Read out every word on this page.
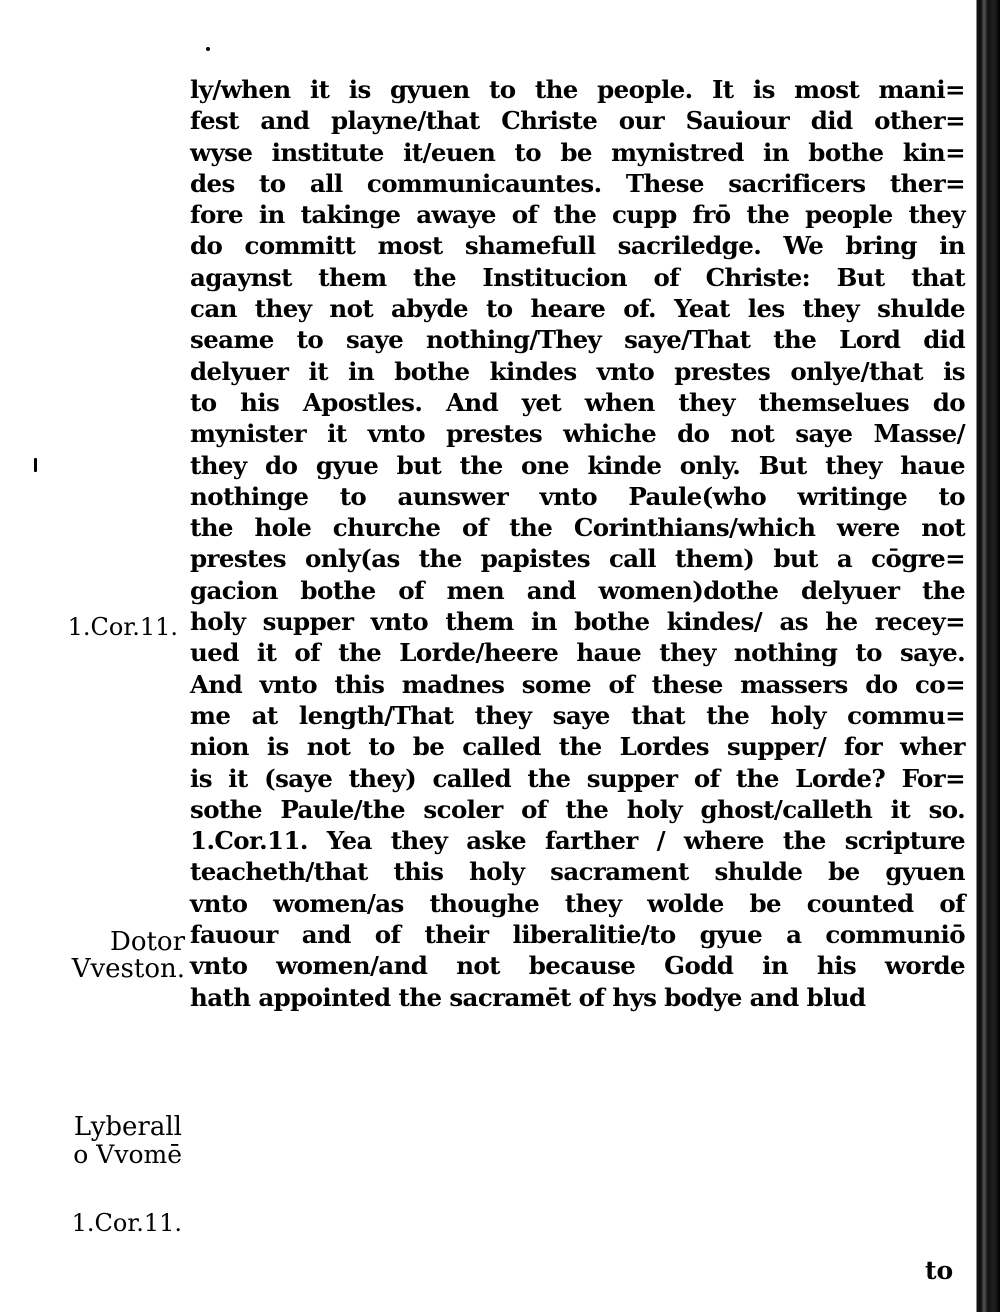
ly/when it is gyuen to the people. It is most mani=
fest and playne/that Christe our Sauiour did other=
wyse institute it/euen to be mynistred in bothe kin=
des to all communicauntes. These sacrificers ther=
fore in takinge awaye of the cupp frō the people they
do committ most shamefull sacriledge. We bring in
agaynst them the Institucion of Christe: But that
can they not abyde to heare of. Yeat les they shulde
seame to saye nothing/They saye/That the Lord did
delyuer it in bothe kindes vnto prestes onlye/that is
to his Apostles. And yet when they themselues do
mynister it vnto prestes whiche do not saye Masse/
they do gyue but the one kinde only. But they haue
nothinge to aunswer vnto Paule(who writinge to
the hole churche of the Corinthians/which were not
prestes only(as the papistes call them) but a cōgre=
gacion bothe of men and women)dothe delyuer the
holy supper vnto them in bothe kindes/ as he recey=
ued it of the Lorde/heere haue they nothing to saye.
And vnto this madnes some of these massers do co=
me at length/That they saye that the holy commu=
nion is not to be called the Lordes supper/ for wher
is it (saye they) called the supper of the Lorde? For=
sothe Paule/the scoler of the holy ghost/calleth it so.
1.Cor.11. Yea they aske farther / where the scripture
teacheth/that this holy sacrament shulde be gyuen
vnto women/as thoughe they wolde be counted of
fauour and of their liberalitie/to gyue a communiō
vnto women/and not because Godd in his worde
hath appointed the sacramēt of hys bodye and blud
to
1.Cor.11.
Dotor
Vveston.
Lyberall
o Vvomē
1.Cor.11.
